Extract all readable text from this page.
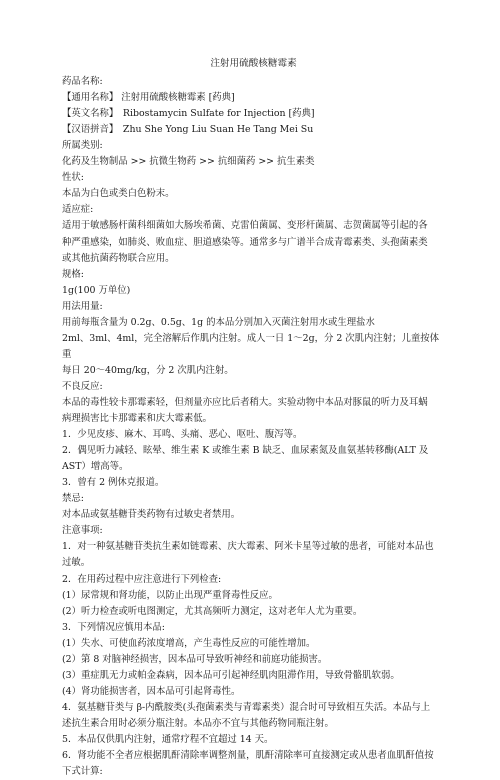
注射用硫酸核糖霉素

药品名称:

【通用名称】 注射用硫酸核糖霉素 [药典]

【英文名称】　Ribostamycin Sulfate for Injection [药典]

【汉语拼音】　Zhu She Yong Liu Suan He Tang Mei Su

所属类别:

化药及生物制品 >> 抗微生物药 >> 抗细菌药 >> 抗生素类

性状:

本品为白色或类白色粉末。

适应症:

适用于敏感肠杆菌科细菌如大肠埃希菌、克雷伯菌属、变形杆菌属、志贺菌属等引起的各

种严重感染，如肺炎、败血症、胆道感染等。通常多与广谱半合成青霉素类、头孢菌素类

或其他抗菌药物联合应用。

规格:

1g(100 万单位)

用法用量:

用前每瓶含量为 0.2g、0.5g、1g 的本品分别加入灭菌注射用水或生理盐水

2ml、3ml、4ml，完全溶解后作肌内注射。成人一日 1～2g，分 2 次肌内注射；儿童按体重

每日 20～40mg/kg，分 2 次肌内注射。

不良反应:

本品的毒性较卡那霉素轻，但剂量亦应比后者稍大。实验动物中本品对豚鼠的听力及耳蜗

病理损害比卡那霉素和庆大霉素低。

1．少见皮疹、麻木、耳鸣、头痛、恶心、呕吐、腹泻等。

2．偶见听力减轻、眩晕、维生素 K 或维生素 B 缺乏、血尿素氮及血氨基转移酶(ALT 及

AST）增高等。

3．曾有 2 例休克报道。

禁忌:

对本品或氨基糖苷类药物有过敏史者禁用。

注意事项:

1．对一种氨基糖苷类抗生素如链霉素、庆大霉素、阿米卡星等过敏的患者，可能对本品也

过敏。

2．在用药过程中应注意进行下列检查:

(1）尿常规和肾功能，以防止出现严重肾毒性反应。

(2）听力检查或听电图测定，尤其高频听力测定，这对老年人尤为重要。

3．下列情况应慎用本品:

(1）失水、可使血药浓度增高，产生毒性反应的可能性增加。

(2）第 8 对脑神经损害，因本品可导致听神经和前庭功能损害。

(3）重症肌无力或帕金森病，因本品可引起神经肌肉阻滞作用，导致骨骼肌软弱。

(4）肾功能损害者，因本品可引起肾毒性。

4．氨基糖苷类与 β-内酰胺类(头孢菌素类与青霉素类）混合时可导致相互失活。本品与上

述抗生素合用时必须分瓶注射。本品亦不宜与其他药物同瓶注射。

5．本品仅供肌内注射，通常疗程不宜超过 14 天。

6．肾功能不全者应根据肌酐清除率调整剂量，肌酐清除率可直接测定或从患者血肌酐值按

下式计算:
